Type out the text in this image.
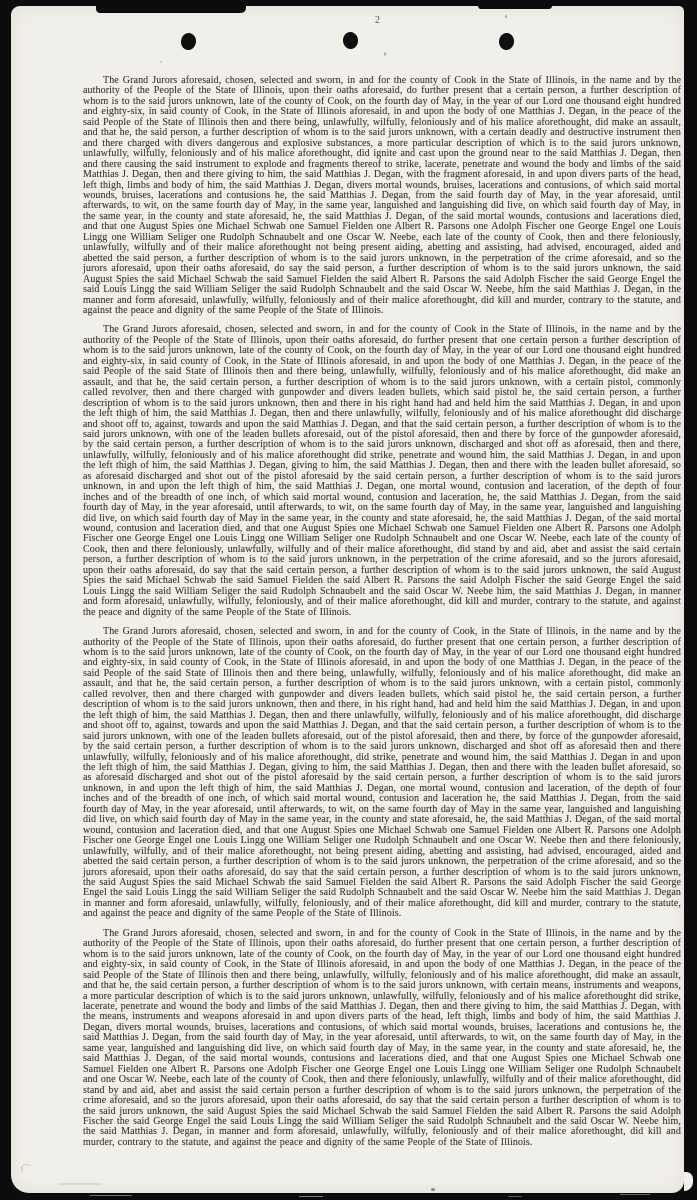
2

The Grand Jurors aforesaid, chosen, selected and sworn, in and for the county of Cook in the State of Illinois, in the name and by the authority of the People of the State of Illinois, upon their oaths aforesaid, do further present that a certain person, a further description of whom is to the said jurors unknown, late of the county of Cook, on the fourth day of May, in the year of our Lord one thousand eight hundred and eighty-six, in said county of Cook, in the State of Illinois aforesaid, in and upon the body of one Matthias J. Degan, in the peace of the said People of the State of Illinois then and there being, unlawfully, wilfully, feloniously and of his malice aforethought, did make an assault, and that he, the said person, a further description of whom is to the said jurors unknown, with a certain deadly and destructive instrument then and there charged with divers dangerous and explosive substances, a more particular description of which is to the said jurors unknown, unlawfully, wilfully, feloniously and of his malice aforethought, did ignite and cast upon the ground near to the said Matthias J. Degan, then and there causing the said instrument to explode and fragments thereof to strike, lacerate, penetrate and wound the body and limbs of the said Matthias J. Degan, then and there giving to him, the said Matthias J. Degan, with the fragment aforesaid, in and upon divers parts of the head, left thigh, limbs and body of him, the said Matthias J. Degan, divers mortal wounds, bruises, lacerations and contusions, of which said mortal wounds, bruises, lacerations and contusions he, the said Matthias J. Degan, from the said fourth day of May, in the year aforesaid, until afterwards, to wit, on the same fourth day of May, in the same year, languished and languishing did live, on which said fourth day of May, in the same year, in the county and state aforesaid, he, the said Matthias J. Degan, of the said mortal wounds, contusions and lacerations died, and that one August Spies one Michael Schwab one Samuel Fielden one Albert R. Parsons one Adolph Fischer one George Engel one Louis Lingg one William Seliger one Rudolph Schnaubelt and one Oscar W. Neebe, each late of the county of Cook, then and there feloniously, unlawfully, wilfully and of their malice aforethought not being present aiding, abetting and assisting, had advised, encouraged, aided and abetted the said person, a further description of whom is to the said jurors unknown, in the perpetration of the crime aforesaid, and so the jurors aforesaid, upon their oaths aforesaid, do say the said person, a further description of whom is to the said jurors unknown, the said August Spies the said Michael Schwab the said Samuel Fielden the said Albert R. Parsons the said Adolph Fischer the said George Engel the said Louis Lingg the said William Seliger the said Rudolph Schnaubelt and the said Oscar W. Neebe, him the said Matthias J. Degan, in the manner and form aforesaid, unlawfully, wilfully, feloniously and of their malice aforethought, did kill and murder, contrary to the statute, and against the peace and dignity of the same People of the State of Illinois.

The Grand Jurors aforesaid, chosen, selected and sworn, in and for the county of Cook in the State of Illinois, in the name and by the authority of the People of the State of Illinois, upon their oaths aforesaid, do further present that one certain person a further description of whom is to the said jurors unknown, late of the county of Cook, on the fourth day of May, in the year of our Lord one thousand eight hundred and eighty-six, in said county of Cook, in the State of Illinois aforesaid, in and upon the body of one Matthias J. Degan, in the peace of the said People of the said State of Illinois then and there being, unlawfully, wilfully, feloniously and of his malice aforethought, did make an assault, and that he, the said certain person, a further description of whom is to the said jurors unknown, with a certain pistol, commonly called revolver, then and there charged with gunpowder and divers leaden bullets, which said pistol he, the said certain person, a further description of whom is to the said jurors unknown, then and there in his right hand had and held him the said Matthias J. Degan, in and upon the left thigh of him, the said Matthias J. Degan, then and there unlawfully, wilfully, feloniously and of his malice aforethought did discharge and shoot off to, against, towards and upon the said Matthias J. Degan, and that the said certain person, a further description of whom is to the said jurors unknown, with one of the leaden bullets aforesaid, out of the pistol aforesaid, then and there by force of the gunpowder aforesaid, by the said certain person, a further description of whom is to the said jurors unknown, discharged and shot off as aforesaid, then and there, unlawfully, wilfully, feloniously and of his malice aforethought did strike, penetrate and wound him, the said Matthias J. Degan, in and upon the left thigh of him, the said Matthias J. Degan, giving to him, the said Matthias J. Degan, then and there with the leaden bullet aforesaid, so as aforesaid discharged and shot out of the pistol aforesaid by the said certain person, a further description of whom is to the said jurors unknown, in and upon the left thigh of him, the said Matthias J. Degan, one mortal wound, contusion and laceration, of the depth of four inches and of the breadth of one inch, of which said mortal wound, contusion and laceration, he, the said Matthias J. Degan, from the said fourth day of May, in the year aforesaid, until afterwards, to wit, on the same fourth day of May, in the same year, languished and languishing did live, on which said fourth day of May in the same year, in the county and state aforesaid, he, the said Matthias J. Degan, of the said mortal wound, contusion and laceration died, and that one August Spies one Michael Schwab one Samuel Fielden one Albert R. Parsons one Adolph Fischer one George Engel one Louis Lingg one William Seliger one Rudolph Schnaubelt and one Oscar W. Neebe, each late of the county of Cook, then and there feloniously, unlawfully, wilfully and of their malice aforethought, did stand by and aid, abet and assist the said certain person, a further description of whom is to the said jurors unknown, in the perpetration of the crime aforesaid, and so the jurors aforesaid, upon their oaths aforesaid, do say that the said certain person, a further description of whom is to the said jurors unknown, the said August Spies the said Michael Schwab the said Samuel Fielden the said Albert R. Parsons the said Adolph Fischer the said George Engel the said Louis Lingg the said William Seliger the said Rudolph Schnaubelt and the said Oscar W. Neebe him, the said Matthias J. Degan, in manner and form aforesaid, unlawfully, wilfully, feloniously, and of their malice aforethought, did kill and murder, contrary to the statute, and against the peace and dignity of the same People of the State of Illinois.

The Grand Jurors aforesaid, chosen, selected and sworn, in and for the county of Cook, in the State of Illinois, in the name and by the authority of the People of the State of Illinois, upon their oaths aforesaid, do further present that one certain person, a further description of whom is to the said jurors unknown, late of the county of Cook, on the fourth day of May, in the year of our Lord one thousand eight hundred and eighty-six, in said county of Cook, in the State of Illinois aforesaid, in and upon the body of one Matthias J. Degan, in the peace of the said People of the said State of Illinois then and there being, unlawfully, wilfully, feloniously and of his malice aforethought, did make an assault, and that he, the said certain person, a further description of whom is to the said jurors unknown, with a certain pistol, commonly called revolver, then and there charged with gunpowder and divers leaden bullets, which said pistol he, the said certain person, a further description of whom is to the said jurors unknown, then and there, in his right hand, had and held him the said Matthias J. Degan, in and upon the left thigh of him, the said Matthias J. Degan, then and there unlawfully, wilfully, feloniously and of his malice aforethought, did discharge and shoot off to, against, towards and upon the said Matthias J. Degan, and that the said certain person, a further description of whom is to the said jurors unknown, with one of the leaden bullets aforesaid, out of the pistol aforesaid, then and there, by force of the gunpowder aforesaid, by the said certain person, a further description of whom is to the said jurors unknown, discharged and shot off as aforesaid then and there unlawfully, wilfully, feloniously and of his malice aforethought, did strike, penetrate and wound him, the said Matthias J. Degan in and upon the left thigh of him, the said Matthias J. Degan, giving to him, the said Matthias J. Degan, then and there with the leaden bullet aforesaid, so as aforesaid discharged and shot out of the pistol aforesaid by the said certain person, a further description of whom is to the said jurors unknown, in and upon the left thigh of him, the said Matthias J. Degan, one mortal wound, contusion and laceration, of the depth of four inches and of the breadth of one inch, of which said mortal wound, contusion and laceration he, the said Matthias J. Degan, from the said fourth day of May, in the year aforesaid, until afterwards, to wit, on the same fourth day of May in the same year, languished and languishing did live, on which said fourth day of May in the same year, in the county and state aforesaid, he, the said Matthias J. Degan, of the said mortal wound, contusion and laceration died, and that one August Spies one Michael Schwab one Samuel Fielden one Albert R. Parsons one Adolph Fischer one George Engel one Louis Lingg one William Seliger one Rudolph Schnaubelt and one Oscar W. Neebe then and there feloniously, unlawfully, wilfully, and of their malice aforethought, not being present aiding, abetting and assisting, had advised, encouraged, aided and abetted the said certain person, a further description of whom is to the said jurors unknown, the perpetration of the crime aforesaid, and so the jurors aforesaid, upon their oaths aforesaid, do say that the said certain person, a further description of whom is to the said jurors unknown, the said August Spies the said Michael Schwab the said Samuel Fielden the said Albert R. Parsons the said Adolph Fischer the said George Engel the said Louis Lingg the said William Seliger the said Rudolph Schnaubelt and the said Oscar W. Neebe him the said Matthias J. Degan in manner and form aforesaid, unlawfully, wilfully, feloniously, and of their malice aforethought, did kill and murder, contrary to the statute, and against the peace and dignity of the same People of the State of Illinois.

The Grand Jurors aforesaid, chosen, selected and sworn, in and for the county of Cook in the State of Illinois, in the name and by the authority of the People of the State of Illinois, upon their oaths aforesaid, do further present that one certain person, a further description of whom is to the said jurors unknown, late of the county of Cook, on the fourth day of May, in the year of our Lord one thousand eight hundred and eighty-six, in said county of Cook, in the State of Illinois aforesaid, in and upon the body of one Matthias J. Degan, in the peace of the said People of the State of Illinois then and there being, unlawfully, wilfully, feloniously and of his malice aforethought, did make an assault, and that he, the said certain person, a further description of whom is to the said jurors unknown, with certain means, instruments and weapons, a more particular description of which is to the said jurors unknown, unlawfully, wilfully, feloniously and of his malice aforethought did strike, lacerate, penetrate and wound the body and limbs of the said Matthias J. Degan, then and there giving to him, the said Matthias J. Degan, with the means, instruments and weapons aforesaid in and upon divers parts of the head, left thigh, limbs and body of him, the said Matthias J. Degan, divers mortal wounds, bruises, lacerations and contusions, of which said mortal wounds, bruises, lacerations and contusions he, the said Matthias J. Degan, from the said fourth day of May, in the year aforesaid, until afterwards, to wit, on the same fourth day of May, in the same year, languished and languishing did live, on which said fourth day of May, in the same year, in the county and state aforesaid, he, the said Matthias J. Degan, of the said mortal wounds, contusions and lacerations died, and that one August Spies one Michael Schwab one Samuel Fielden one Albert R. Parsons one Adolph Fischer one George Engel one Louis Lingg one William Seliger one Rudolph Schnaubelt and one Oscar W. Neebe, each late of the county of Cook, then and there feloniously, unlawfully, wilfully and of their malice aforethought, did stand by and aid, abet and assist the said certain person a further description of whom is to the said jurors unknown, the perpetration of the crime aforesaid, and so the jurors aforesaid, upon their oaths aforesaid, do say that the said certain person a further description of whom is to the said jurors unknown, the said August Spies the said Michael Schwab the said Samuel Fielden the said Albert R. Parsons the said Adolph Fischer the said George Engel the said Louis Lingg the said William Seliger the said Rudolph Schnaubelt and the said Oscar W. Neebe him, the said Matthias J. Degan, in manner and form aforesaid, unlawfully, wilfully, feloniously and of their malice aforethought, did kill and murder, contrary to the statute, and against the peace and dignity of the same People of the State of Illinois.
